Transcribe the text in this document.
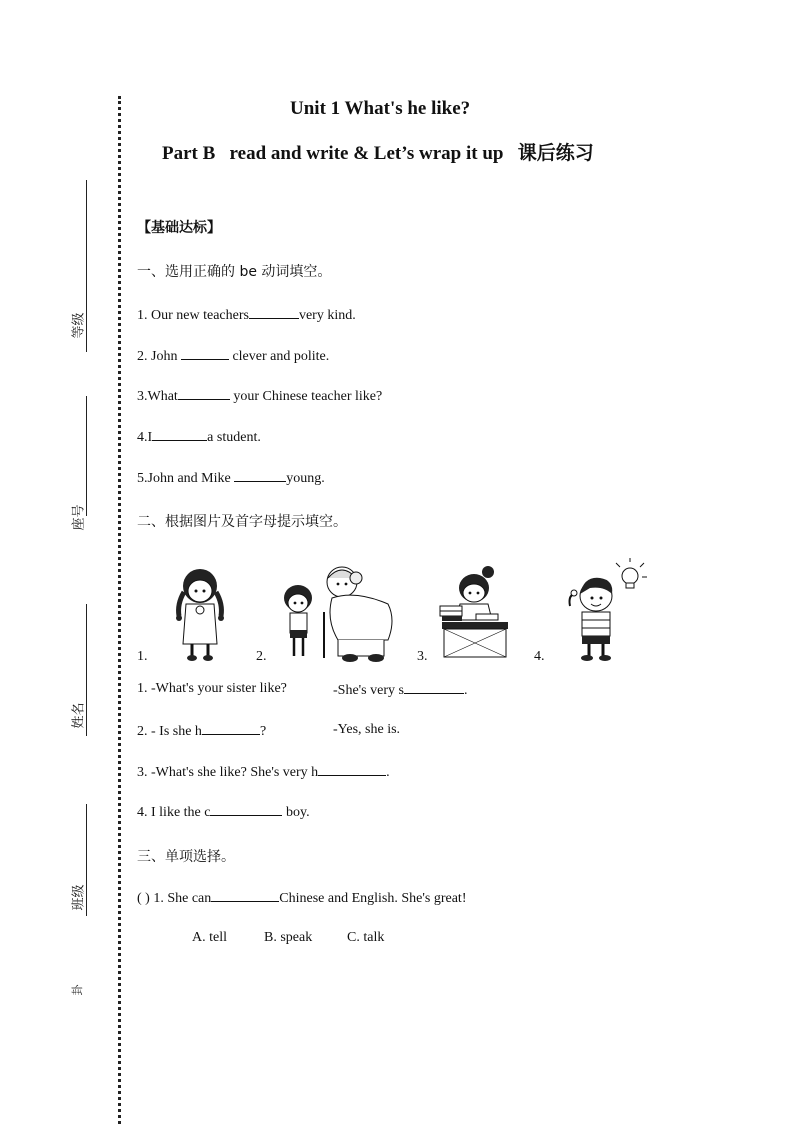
等级
座号
姓名
班级
卦
Unit 1 What's he like?
Part B read and write & Let’s wrap it up 课后练习
【基础达标】
一、选用正确的 be 动词填空。
1. Our new teachers	very kind.
2. John	clever and polite.
3.What	your Chinese teacher like?
4.I	a student.
5.John and Mike	young.
二、根据图片及首字母提示填空。
1.	2.	3.	4.
1. -What's your sister like?	-She's very s	.
2. - Is she h	?	-Yes, she is.
3. -What's she like? She's very h	.
4. I like the c	boy.
三、单项选择。
( ) 1. She can	Chinese and English. She's great!
A. tell	B. speak C. talk
